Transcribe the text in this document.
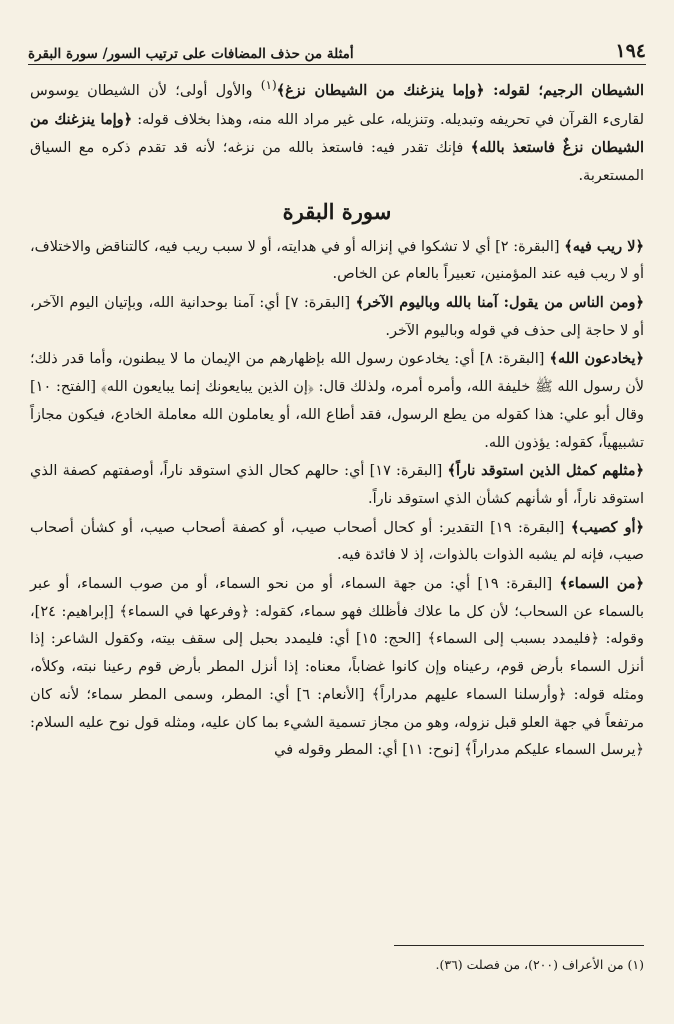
١٩٤
أمثلة من حذف المضافات على ترتيب السور/ سورة البقرة

الشيطان الرجيم؛ لقوله: ﴿وإما ينزغنك من الشيطان نزغ﴾$^{(١)}$ والأول أولى؛ لأن الشيطان يوسوس لقارىء القرآن في تحريفه وتبديله. وتنزيله، على غير مراد الله منه، وهذا بخلاف قوله: ﴿وإما ينزغنك من الشيطان نزغٌ فاستعذ بالله﴾ فإنك تقدر فيه: فاستعذ بالله من نزغه؛ لأنه قد تقدم ذكره مع السياق المستعربة.

سورة البقرة

﴿لا ريب فيه﴾ [البقرة: ٢] أي لا تشكوا في إنزاله أو في هدايته، أو لا سبب ريب فيه، كالتناقض والاختلاف، أو لا ريب فيه عند المؤمنين، تعبيراً بالعام عن الخاص.

﴿ومن الناس من يقول: آمنا بالله وباليوم الآخر﴾ [البقرة: ٧] أي: آمنا بوحدانية الله، وبإتيان اليوم الآخر، أو لا حاجة إلى حذف في قوله وباليوم الآخر.

﴿يخادعون الله﴾ [البقرة: ٨] أي: يخادعون رسول الله بإظهارهم من الإيمان ما لا يبطنون، وأما قدر ذلك؛ لأن رسول الله ﷺ خليفة الله، وأمره أمره، ولذلك قال: ﴿إن الذين يبايعونك إنما يبايعون الله﴾ [الفتح: ١٠] وقال أبو علي: هذا كقوله من يطع الرسول، فقد أطاع الله، أو يعاملون الله معاملة الخادع، فيكون مجازاً تشبيهياً، كقوله: يؤذون الله.

﴿مثلهم كمثل الذين استوقد ناراً﴾ [البقرة: ١٧] أي: حالهم كحال الذي استوقد ناراً، أوصفتهم كصفة الذي استوقد ناراً، أو شأنهم كشأن الذي استوقد ناراً.

﴿أو كصيب﴾ [البقرة: ١٩] التقدير: أو كحال أصحاب صيب، أو كصفة أصحاب صيب، أو كشأن أصحاب صيب، فإنه لم يشبه الذوات بالذوات، إذ لا فائدة فيه.

﴿من السماء﴾ [البقرة: ١٩] أي: من جهة السماء، أو من نحو السماء، أو من صوب السماء، أو عبر بالسماء عن السحاب؛ لأن كل ما علاك فأظلك فهو سماء، كقوله: ﴿وفرعها في السماء﴾ [إبراهيم: ٢٤]، وقوله: ﴿فليمدد بسبب إلى السماء﴾ [الحج: ١٥] أي: فليمدد بحبل إلى سقف بيته، وكقول الشاعر: إذا أنزل السماء بأرض قوم، رعيناه وإن كانوا غضاباً، معناه: إذا أنزل المطر بأرض قوم رعينا نبته، وكلأه، ومثله قوله: ﴿وأرسلنا السماء عليهم مدراراً﴾ [الأنعام: ٦] أي: المطر، وسمى المطر سماء؛ لأنه كان مرتفعاً في جهة العلو قبل نزوله، وهو من مجاز تسمية الشيء بما كان عليه، ومثله قول نوح عليه السلام: ﴿يرسل السماء عليكم مدراراً﴾ [نوح: ١١] أي: المطر وقوله في

(١) من الأعراف (٢٠٠)، من فصلت (٣٦).
